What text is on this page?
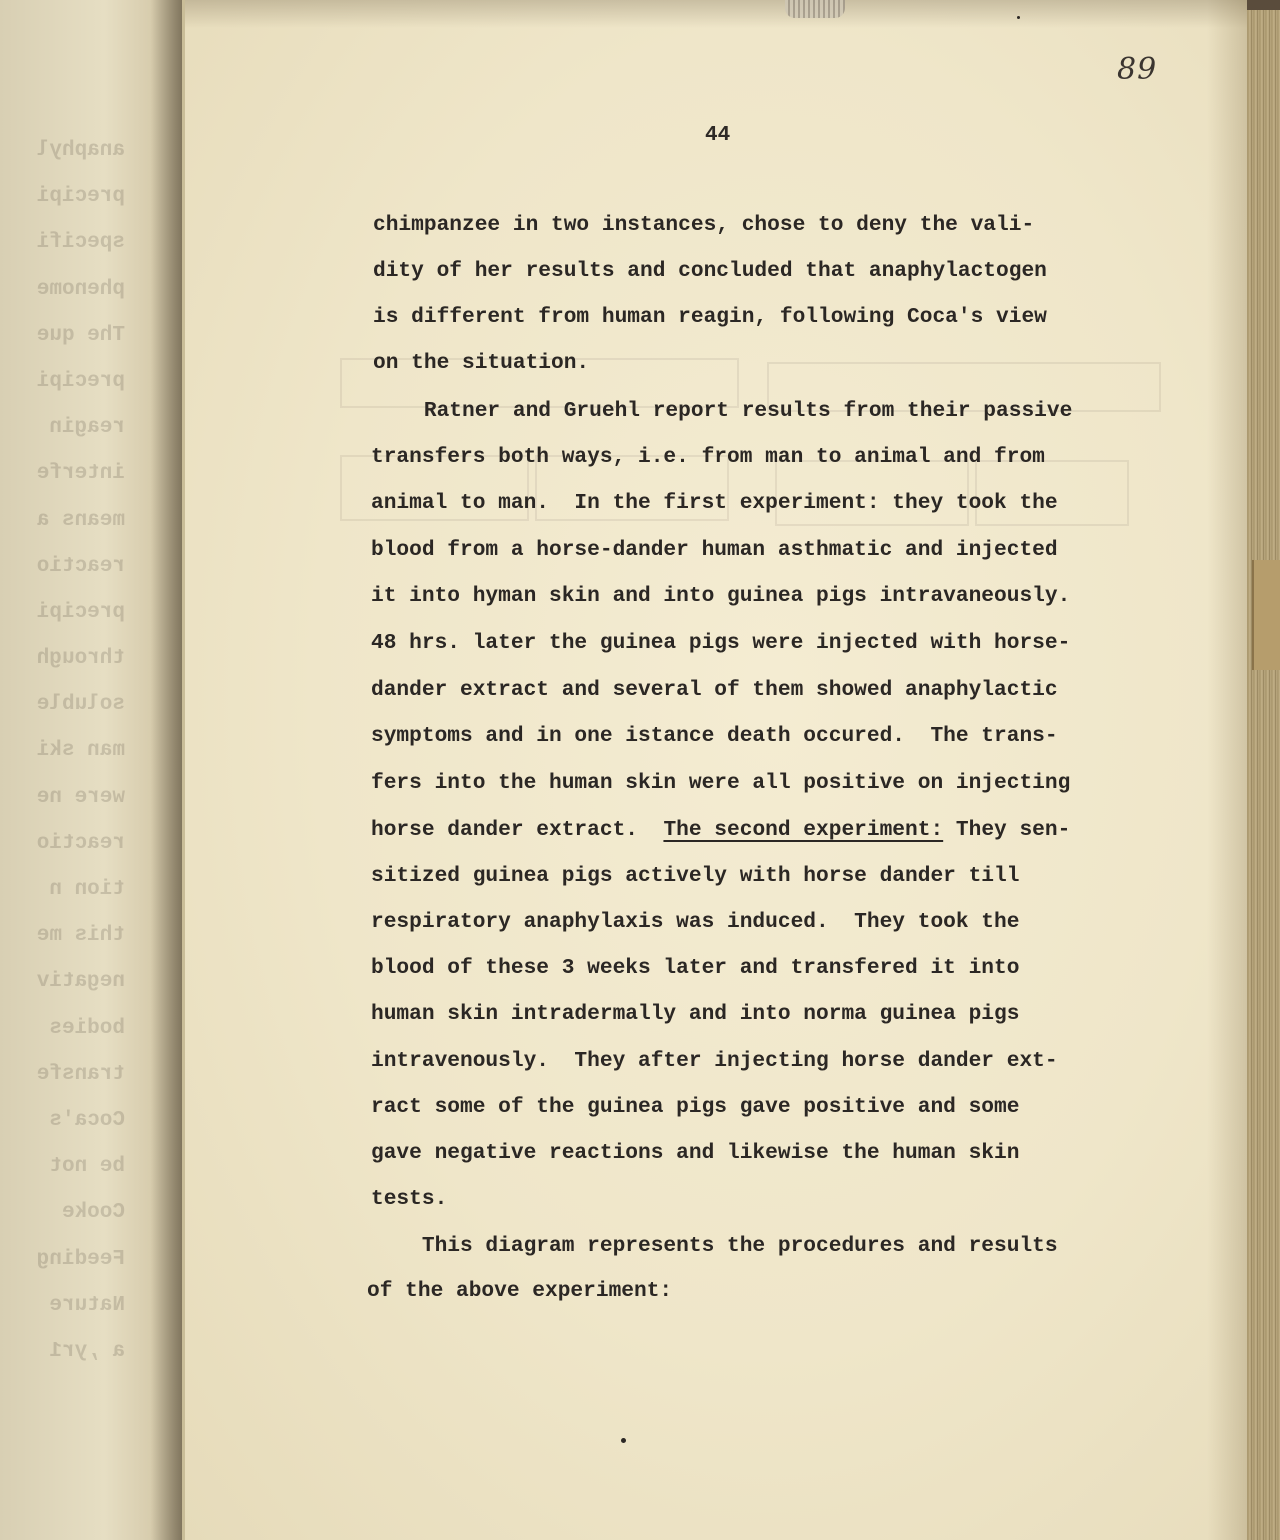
anaphyl
precipi
specifi
phenome
The que
precipi
reagin
interfe
means a
reactio
precipi
through
soluble
man ski
were ne
reactio
tion n
this me
negativ
bodies
transfe
Coca's
be not
Cooke
Feeding
Nature
a ,yr1
89
44
chimpanzee in two instances, chose to deny the vali-
dity of her results and concluded that anaphylactogen
is different from human reagin, following Coca's view
on the situation.
Ratner and Gruehl report results from their passive
transfers both ways, i.e. from man to animal and from
animal to man.  In the first experiment: they took the
blood from a horse-dander human asthmatic and injected
it into hyman skin and into guinea pigs intravaneously.
48 hrs. later the guinea pigs were injected with horse-
dander extract and several of them showed anaphylactic
symptoms and in one istance death occured.  The trans-
fers into the human skin were all positive on injecting
horse dander extract.  The second experiment: They sen-
sitized guinea pigs actively with horse dander till
respiratory anaphylaxis was induced.  They took the
blood of these 3 weeks later and transfered it into
human skin intradermally and into norma guinea pigs
intravenously.  They after injecting horse dander ext-
ract some of the guinea pigs gave positive and some
gave negative reactions and likewise the human skin
tests.
This diagram represents the procedures and results
of the above experiment:
